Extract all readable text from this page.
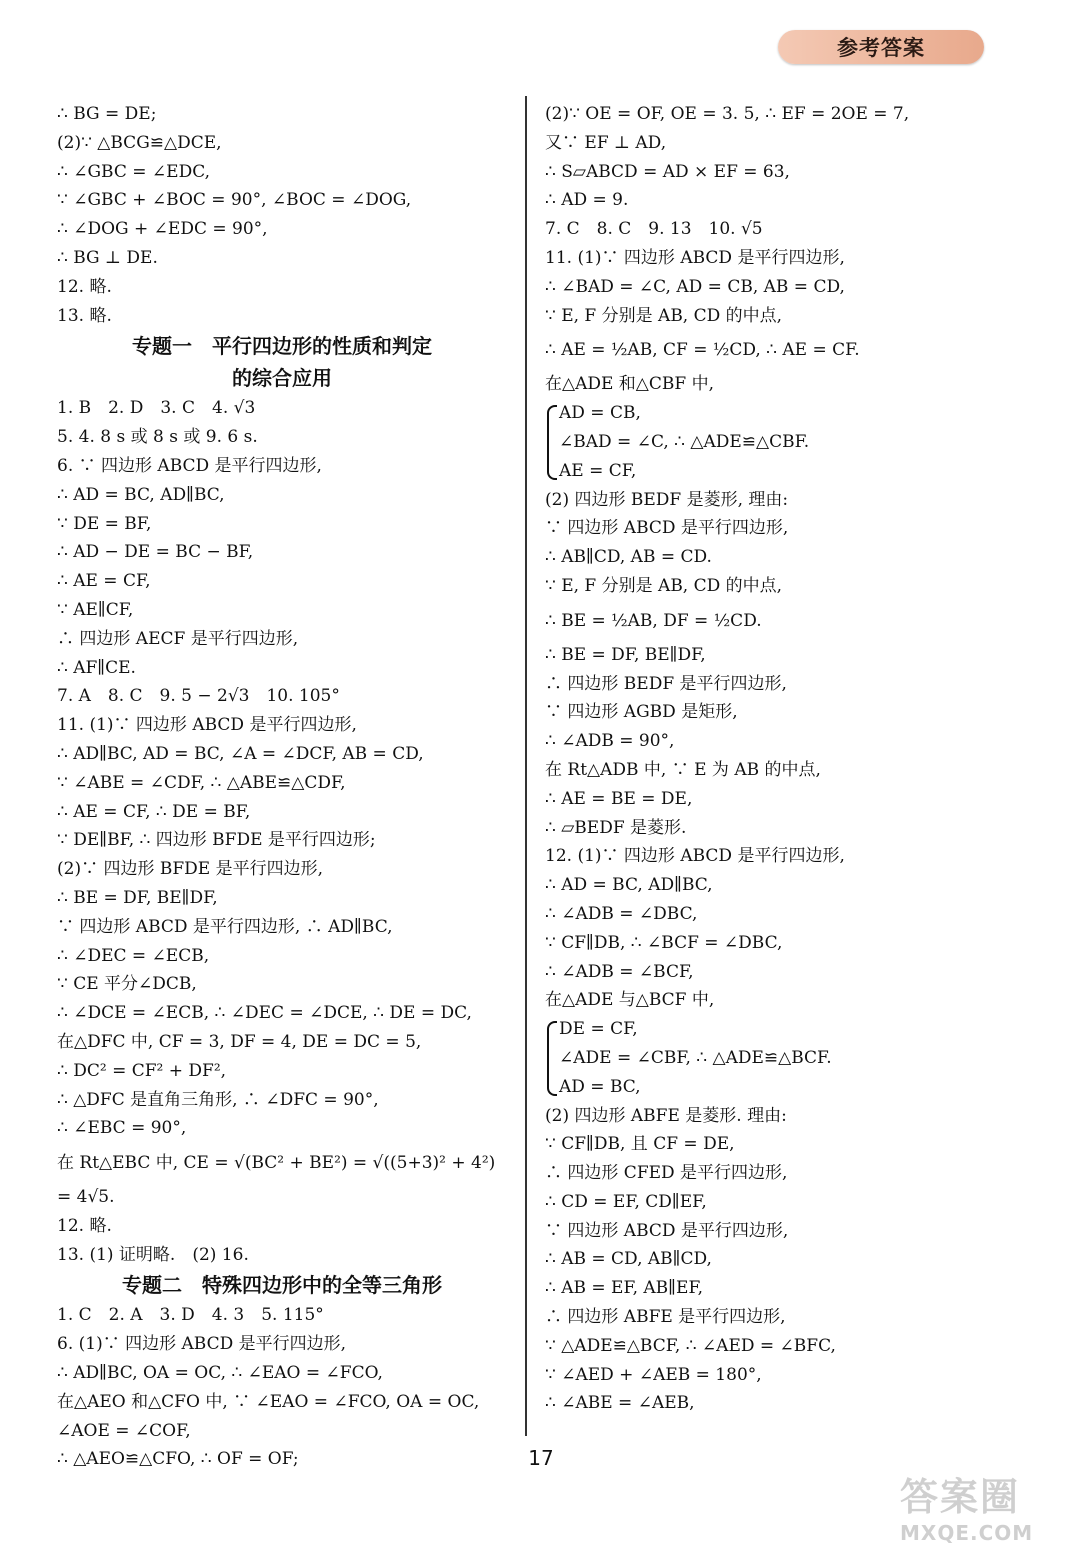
参考答案
∴ BG = DE;
(2)∵ △BCG≌△DCE,
∴ ∠GBC = ∠EDC,
∵ ∠GBC + ∠BOC = 90°, ∠BOC = ∠DOG,
∴ ∠DOG + ∠EDC = 90°,
∴ BG ⊥ DE.
12. 略.
13. 略.
专题一　平行四边形的性质和判定
的综合应用
1. B　2. D　3. C　4. √3
5. 4. 8 s 或 8 s 或 9. 6 s.
6. ∵ 四边形 ABCD 是平行四边形,
∴ AD = BC, AD∥BC,
∵ DE = BF,
∴ AD − DE = BC − BF,
∴ AE = CF,
∵ AE∥CF,
∴ 四边形 AECF 是平行四边形,
∴ AF∥CE.
7. A　8. C　9. 5 − 2√3　10. 105°
11. (1)∵ 四边形 ABCD 是平行四边形,
∴ AD∥BC, AD = BC, ∠A = ∠DCF, AB = CD,
∵ ∠ABE = ∠CDF, ∴ △ABE≌△CDF,
∴ AE = CF, ∴ DE = BF,
∵ DE∥BF, ∴ 四边形 BFDE 是平行四边形;
(2)∵ 四边形 BFDE 是平行四边形,
∴ BE = DF, BE∥DF,
∵ 四边形 ABCD 是平行四边形, ∴ AD∥BC,
∴ ∠DEC = ∠ECB,
∵ CE 平分∠DCB,
∴ ∠DCE = ∠ECB, ∴ ∠DEC = ∠DCE, ∴ DE = DC,
在△DFC 中, CF = 3, DF = 4, DE = DC = 5,
∴ DC² = CF² + DF²,
∴ △DFC 是直角三角形, ∴ ∠DFC = 90°,
∴ ∠EBC = 90°,
在 Rt△EBC 中, CE = √(BC² + BE²) = √((5+3)² + 4²)
= 4√5.
12. 略.
13. (1) 证明略.　(2) 16.
专题二　特殊四边形中的全等三角形
1. C　2. A　3. D　4. 3　5. 115°
6. (1)∵ 四边形 ABCD 是平行四边形,
∴ AD∥BC, OA = OC, ∴ ∠EAO = ∠FCO,
在△AEO 和△CFO 中, ∵ ∠EAO = ∠FCO, OA = OC,
∠AOE = ∠COF,
∴ △AEO≌△CFO, ∴ OF = OF;
(2)∵ OE = OF, OE = 3. 5, ∴ EF = 2OE = 7,
又∵ EF ⊥ AD,
∴ S▱ABCD = AD × EF = 63,
∴ AD = 9.
7. C　8. C　9. 13　10. √5
11. (1)∵ 四边形 ABCD 是平行四边形,
∴ ∠BAD = ∠C, AD = CB, AB = CD,
∵ E, F 分别是 AB, CD 的中点,
∴ AE = ½AB, CF = ½CD, ∴ AE = CF.
在△ADE 和△CBF 中,
AD = CB,
∠BAD = ∠C, ∴ △ADE≌△CBF.
AE = CF,
(2) 四边形 BEDF 是菱形, 理由:
∵ 四边形 ABCD 是平行四边形,
∴ AB∥CD, AB = CD.
∵ E, F 分别是 AB, CD 的中点,
∴ BE = ½AB, DF = ½CD.
∴ BE = DF, BE∥DF,
∴ 四边形 BEDF 是平行四边形,
∵ 四边形 AGBD 是矩形,
∴ ∠ADB = 90°,
在 Rt△ADB 中, ∵ E 为 AB 的中点,
∴ AE = BE = DE,
∴ ▱BEDF 是菱形.
12. (1)∵ 四边形 ABCD 是平行四边形,
∴ AD = BC, AD∥BC,
∴ ∠ADB = ∠DBC,
∵ CF∥DB, ∴ ∠BCF = ∠DBC,
∴ ∠ADB = ∠BCF,
在△ADE 与△BCF 中,
DE = CF,
∠ADE = ∠CBF, ∴ △ADE≌△BCF.
AD = BC,
(2) 四边形 ABFE 是菱形. 理由:
∵ CF∥DB, 且 CF = DE,
∴ 四边形 CFED 是平行四边形,
∴ CD = EF, CD∥EF,
∵ 四边形 ABCD 是平行四边形,
∴ AB = CD, AB∥CD,
∴ AB = EF, AB∥EF,
∴ 四边形 ABFE 是平行四边形,
∵ △ADE≌△BCF, ∴ ∠AED = ∠BFC,
∵ ∠AED + ∠AEB = 180°,
∴ ∠ABE = ∠AEB,
17
答案圈
MXQE.COM
